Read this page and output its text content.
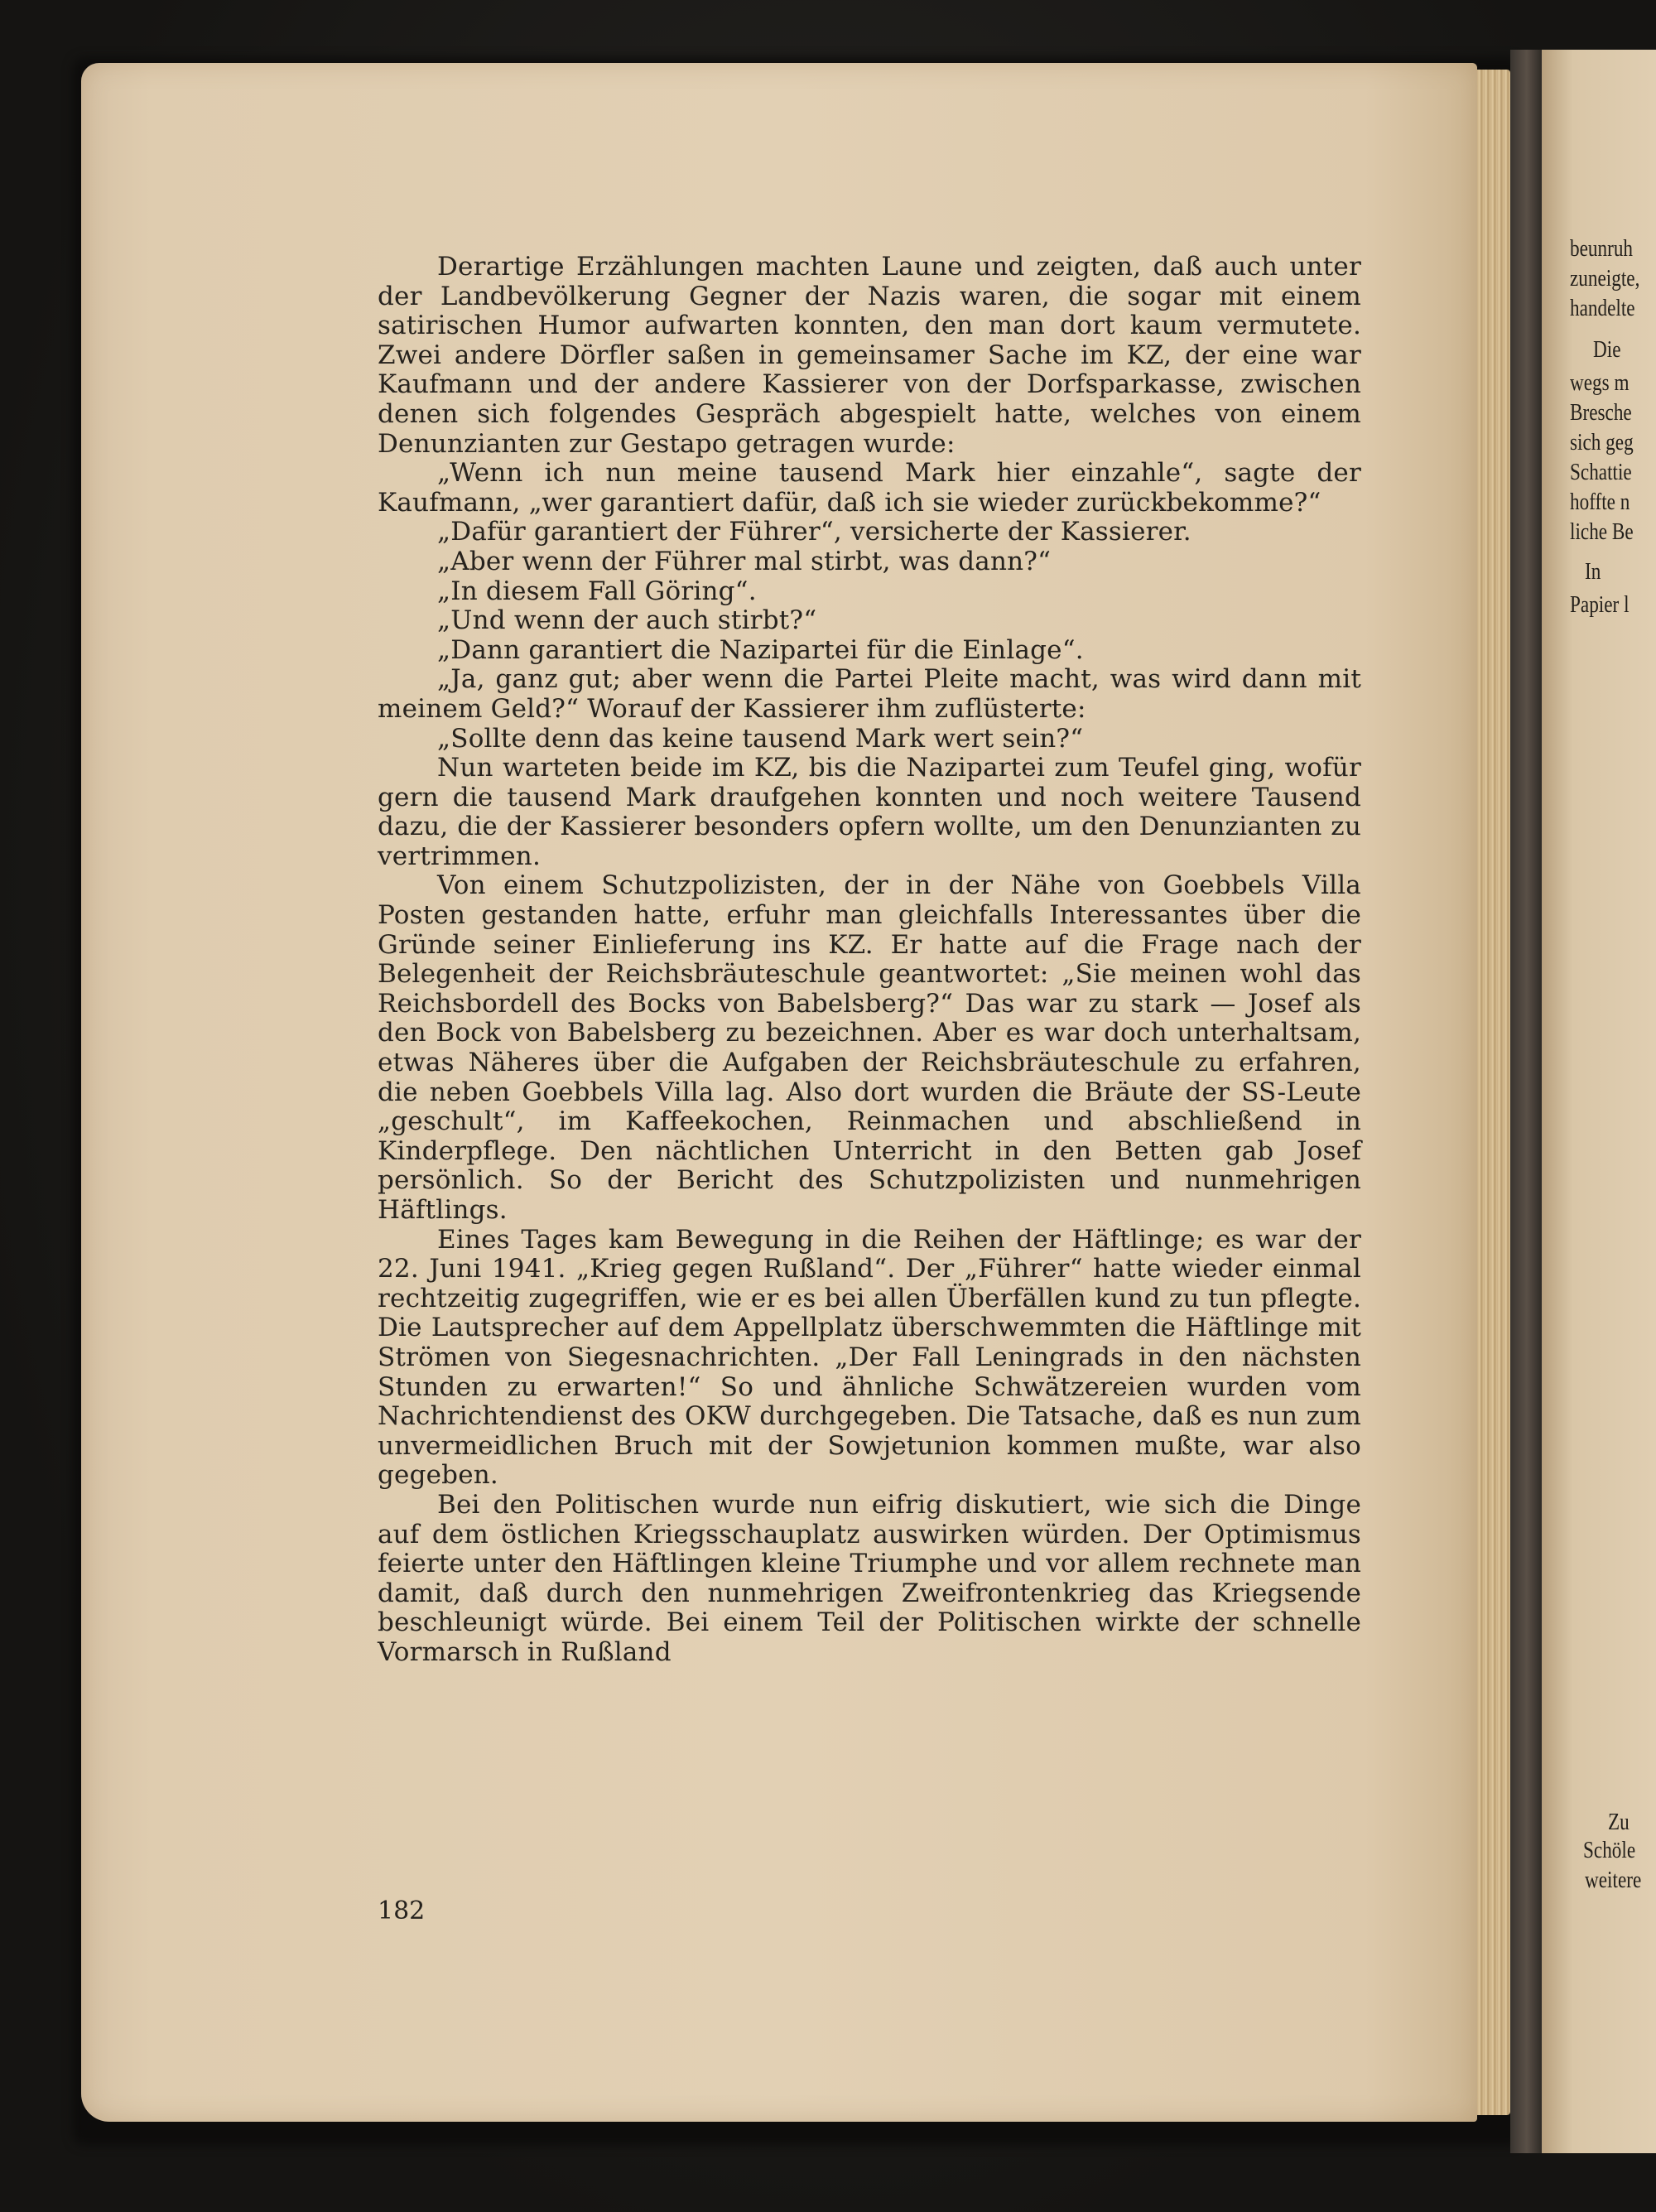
beunruh
zuneigte,
handelte
Die
wegs m
Bresche
sich geg
Schattie
hoffte n
liche Be
In
Papier l
Zu
Schöle
weitere

Derartige Erzählungen machten Laune und zeigten, daß auch unter der Landbevölkerung Gegner der Nazis waren, die sogar mit einem satirischen Humor aufwarten konnten, den man dort kaum vermutete. Zwei andere Dörfler saßen in gemeinsamer Sache im KZ, der eine war Kaufmann und der andere Kassierer von der Dorfsparkasse, zwischen denen sich folgendes Gespräch abgespielt hatte, welches von einem Denunzianten zur Gestapo getragen wurde:

„Wenn ich nun meine tausend Mark hier einzahle“, sagte der Kaufmann, „wer garantiert dafür, daß ich sie wieder zurückbekomme?“

„Dafür garantiert der Führer“, versicherte der Kassierer.

„Aber wenn der Führer mal stirbt, was dann?“

„In diesem Fall Göring“.

„Und wenn der auch stirbt?“

„Dann garantiert die Nazipartei für die Einlage“.

„Ja, ganz gut; aber wenn die Partei Pleite macht, was wird dann mit meinem Geld?“ Worauf der Kassierer ihm zuflüsterte:

„Sollte denn das keine tausend Mark wert sein?“

Nun warteten beide im KZ, bis die Nazipartei zum Teufel ging, wofür gern die tausend Mark draufgehen konnten und noch weitere Tausend dazu, die der Kassierer besonders opfern wollte, um den Denunzianten zu vertrimmen.

Von einem Schutzpolizisten, der in der Nähe von Goebbels Villa Posten gestanden hatte, erfuhr man gleichfalls Interessantes über die Gründe seiner Einlieferung ins KZ. Er hatte auf die Frage nach der Belegenheit der Reichsbräuteschule geantwortet: „Sie meinen wohl das Reichsbordell des Bocks von Babelsberg?“ Das war zu stark — Josef als den Bock von Babelsberg zu bezeichnen. Aber es war doch unterhaltsam, etwas Näheres über die Aufgaben der Reichsbräuteschule zu erfahren, die neben Goebbels Villa lag. Also dort wurden die Bräute der SS-Leute „geschult“, im Kaffeekochen, Reinmachen und abschließend in Kinderpflege. Den nächtlichen Unterricht in den Betten gab Josef persönlich. So der Bericht des Schutzpolizisten und nunmehrigen Häftlings.

Eines Tages kam Bewegung in die Reihen der Häftlinge; es war der 22. Juni 1941. „Krieg gegen Rußland“. Der „Führer“ hatte wieder einmal rechtzeitig zugegriffen, wie er es bei allen Überfällen kund zu tun pflegte. Die Lautsprecher auf dem Appellplatz überschwemmten die Häftlinge mit Strömen von Siegesnachrichten. „Der Fall Leningrads in den nächsten Stunden zu erwarten!“ So und ähnliche Schwätzereien wurden vom Nachrichtendienst des OKW durchgegeben. Die Tatsache, daß es nun zum unvermeidlichen Bruch mit der Sowjetunion kommen mußte, war also gegeben.

Bei den Politischen wurde nun eifrig diskutiert, wie sich die Dinge auf dem östlichen Kriegsschauplatz auswirken würden. Der Optimismus feierte unter den Häftlingen kleine Triumphe und vor allem rechnete man damit, daß durch den nunmehrigen Zweifrontenkrieg das Kriegsende beschleunigt würde. Bei einem Teil der Politischen wirkte der schnelle Vormarsch in Rußland

182
